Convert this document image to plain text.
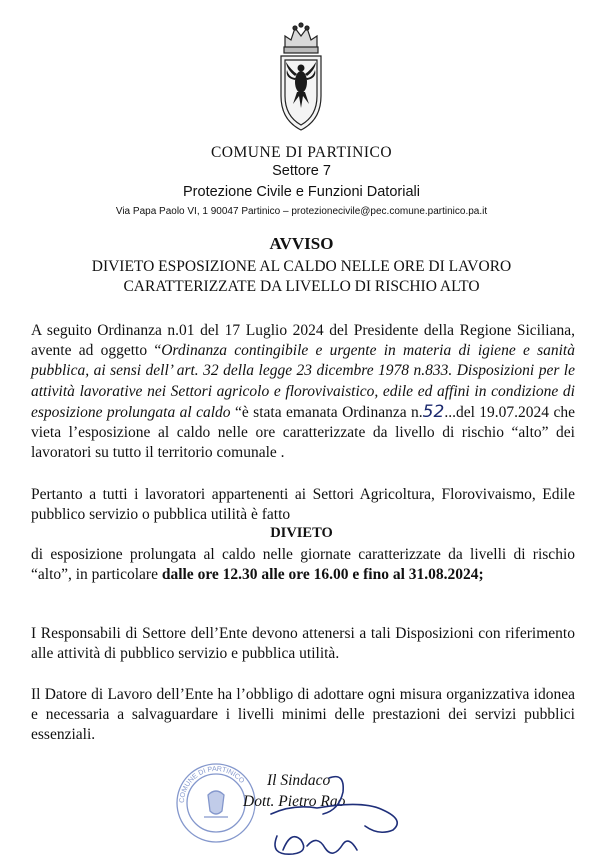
COMUNE DI PARTINICO
Settore 7
Protezione Civile e Funzioni Datoriali
Via Papa Paolo VI, 1 90047 Partinico – protezionecivile@pec.comune.partinico.pa.it
AVVISO
DIVIETO ESPOSIZIONE AL CALDO NELLE ORE DI LAVORO
CARATTERIZZATE DA LIVELLO DI RISCHIO ALTO
A seguito Ordinanza n.01 del 17 Luglio 2024 del Presidente della Regione Siciliana, avente ad oggetto “Ordinanza contingibile e urgente in materia di igiene e sanità pubblica, ai sensi dell’ art. 32 della legge 23 dicembre 1978 n.833. Disposizioni per le attività lavorative nei Settori agricolo e florovivaistico, edile ed affini in condizione di esposizione prolungata al caldo “è stata emanata Ordinanza n.52...del 19.07.2024 che vieta l’esposizione al caldo nelle ore caratterizzate da livello di rischio “alto” dei lavoratori su tutto il territorio comunale .
Pertanto a tutti i lavoratori appartenenti ai Settori Agricoltura, Florovivaismo, Edile pubblico servizio o pubblica utilità è fatto
DIVIETO
di esposizione prolungata al caldo nelle giornate caratterizzate da livelli di rischio “alto”, in particolare dalle ore 12.30 alle ore 16.00 e fino al 31.08.2024;
I Responsabili di Settore dell’Ente devono attenersi a tali Disposizioni con riferimento alle attività di pubblico servizio e pubblica utilità.
Il Datore di Lavoro dell’Ente ha l’obbligo di adottare ogni misura organizzativa idonea e necessaria a salvaguardare i livelli minimi delle prestazioni dei servizi pubblici essenziali.
COMUNE DI PARTINICO Il Sindaco
Dott. Pietro Rao
